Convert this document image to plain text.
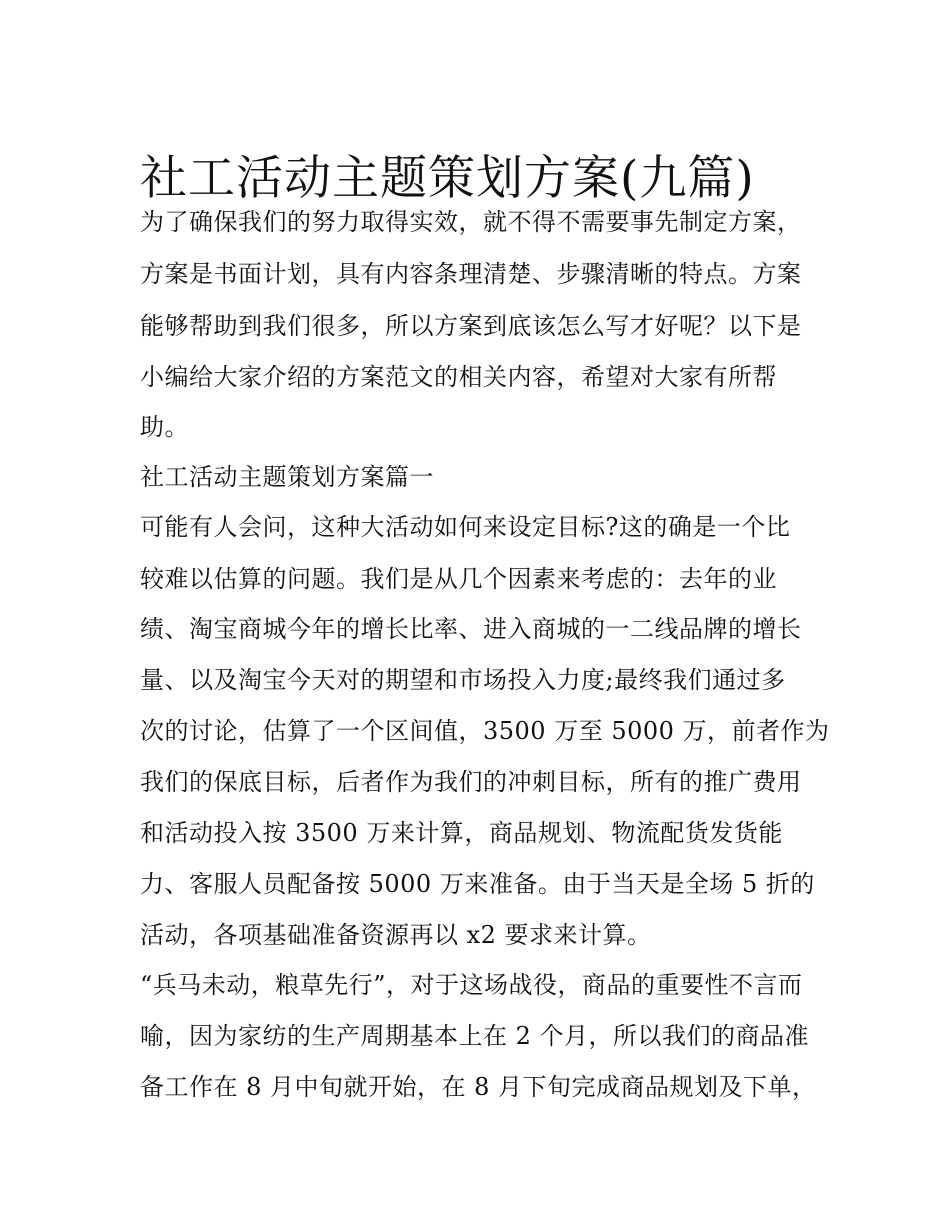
社工活动主题策划方案(九篇)
为了确保我们的努力取得实效，就不得不需要事先制定方案，
方案是书面计划，具有内容条理清楚、步骤清晰的特点。方案
能够帮助到我们很多，所以方案到底该怎么写才好呢？以下是
小编给大家介绍的方案范文的相关内容，希望对大家有所帮
助。
社工活动主题策划方案篇一
可能有人会问，这种大活动如何来设定目标?这的确是一个比
较难以估算的问题。我们是从几个因素来考虑的：去年的业
绩、淘宝商城今年的增长比率、进入商城的一二线品牌的增长
量、以及淘宝今天对的期望和市场投入力度;最终我们通过多
次的讨论，估算了一个区间值，3500 万至 5000 万，前者作为
我们的保底目标，后者作为我们的冲刺目标，所有的推广费用
和活动投入按 3500 万来计算，商品规划、物流配货发货能
力、客服人员配备按 5000 万来准备。由于当天是全场 5 折的
活动，各项基础准备资源再以 x2 要求来计算。
“兵马未动，粮草先行”，对于这场战役，商品的重要性不言而
喻，因为家纺的生产周期基本上在 2 个月，所以我们的商品准
备工作在 8 月中旬就开始，在 8 月下旬完成商品规划及下单，
